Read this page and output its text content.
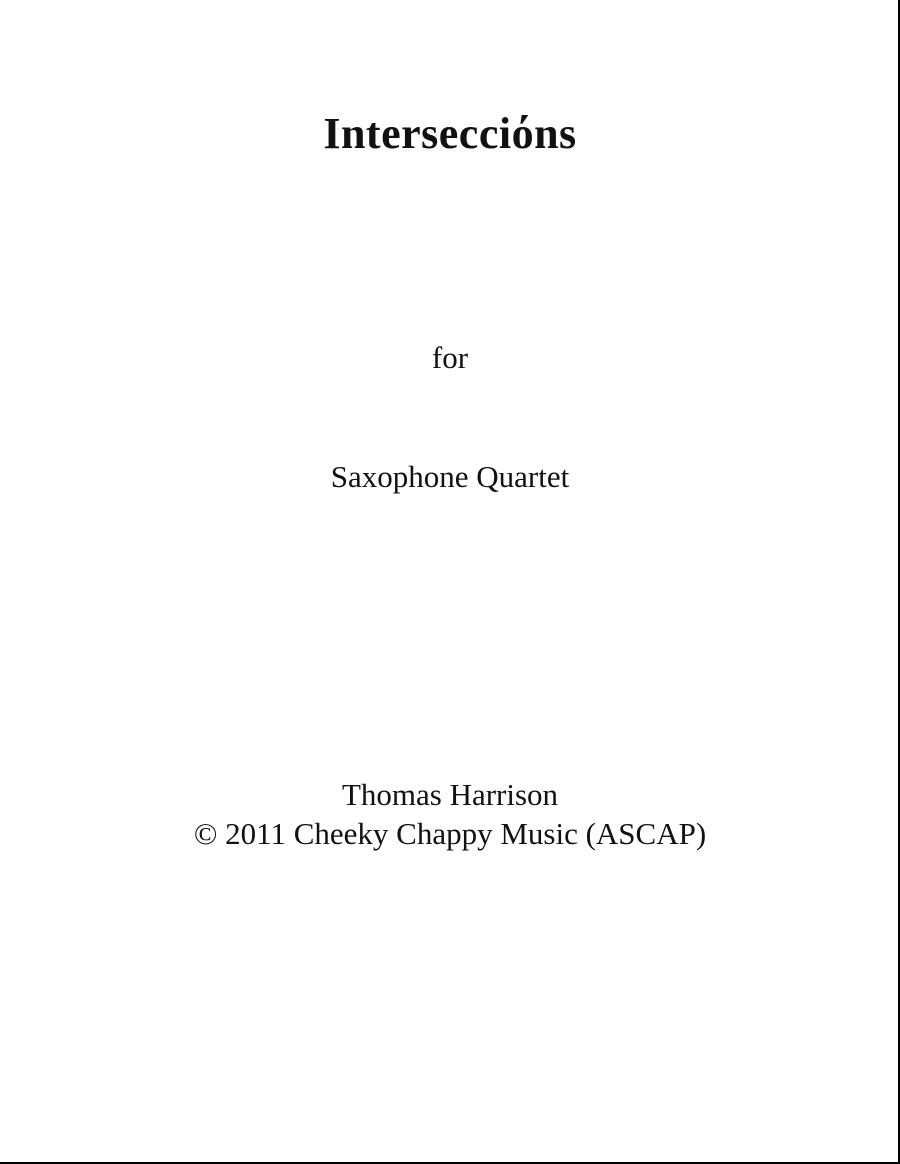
Intersecciόns
for
Saxophone Quartet
Thomas Harrison
© 2011 Cheeky Chappy Music (ASCAP)
